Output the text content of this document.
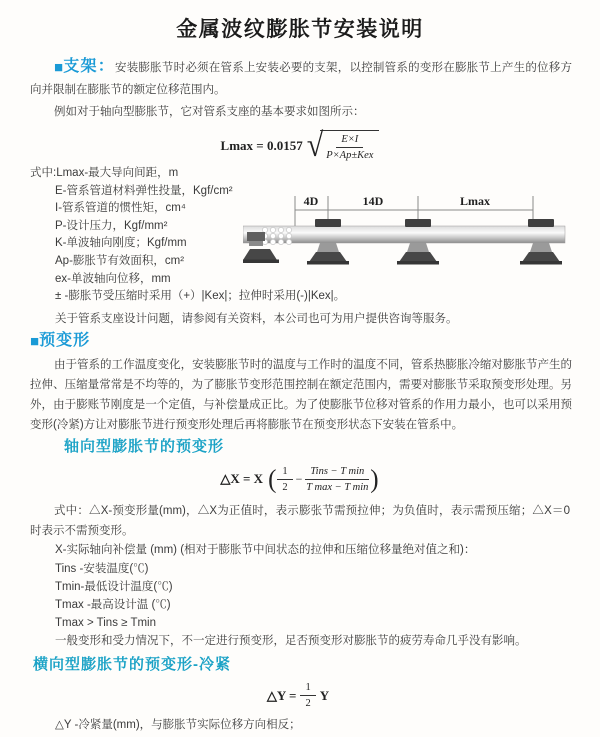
金属波纹膨胀节安装说明

■支架：安装膨胀节时必须在管系上安装必要的支架，以控制管系的变形在膨胀节上产生的位移方向并限制在膨胀节的额定位移范围内。

例如对于轴向型膨胀节，它对管系支座的基本要求如图所示：

Lmax = 0.0157 √ $\frac{E\times I}{\text{P×Ap±Kex}}$
式中:Lmax-最大导向间距，m
E-管系管道材料弹性投量，Kgf/cm²
I-管系管道的惯性矩，cm⁴
P-设计压力，Kgf/mm²
K-单波轴向刚度；Kgf/mm
Ap-膨胀节有效面积，cm²
ex-单波轴向位移，mm
± -膨胀节受压缩时采用（+）|Kex|；拉伸时采用(-)|Kex|。
关于管系支座设计问题，请参阅有关资料，本公司也可为用户提供咨询等服务。
4D	14D	Lmax

■预变形

由于管系的工作温度变化，安装膨胀节时的温度与工作时的温度不同，管系热膨胀冷缩对膨胀节产生的拉伸、压缩量常常是不均等的，为了膨胀节变形范围控制在额定范围内，需要对膨胀节采取预变形处理。另外，由于膨账节刚度是一个定值，与补偿量成正比。为了使膨胀节位移对管系的作用力最小，也可以采用预变形(冷紧)方让对膨胀节进行预变形处理后再将膨胀节在预变形状态下安装在管系中。

轴向型膨胀节的预变形
△X = X ( $\frac{1}{2} - \frac{\text{Tins − T min}}{\text{T max − T min}}$ )

式中：△X-预变形量(mm)，△X为正值时，表示膨张节需预拉伸；为负值时，表示需预压缩；△X＝0时表示不需预变形。

X-实际轴向补偿量 (mm) (相对于膨胀节中间状态的拉伸和压缩位移量绝对值之和)：
Tins -安装温度(℃)
Tmin-最低设计温度(℃)
Tmax -最高设计温 (℃)
Tmax > Tins ≥ Tmin
一般变形和受力情况下，不一定进行预变形，足否预变形对膨胀节的疲劳寿命几乎没有影响。
横向型膨胀节的预变形-冷紧
△Y = $\frac{1}{2}$ Y
△Y -冷紧量(mm)，与膨胀节实际位移方向相反；
